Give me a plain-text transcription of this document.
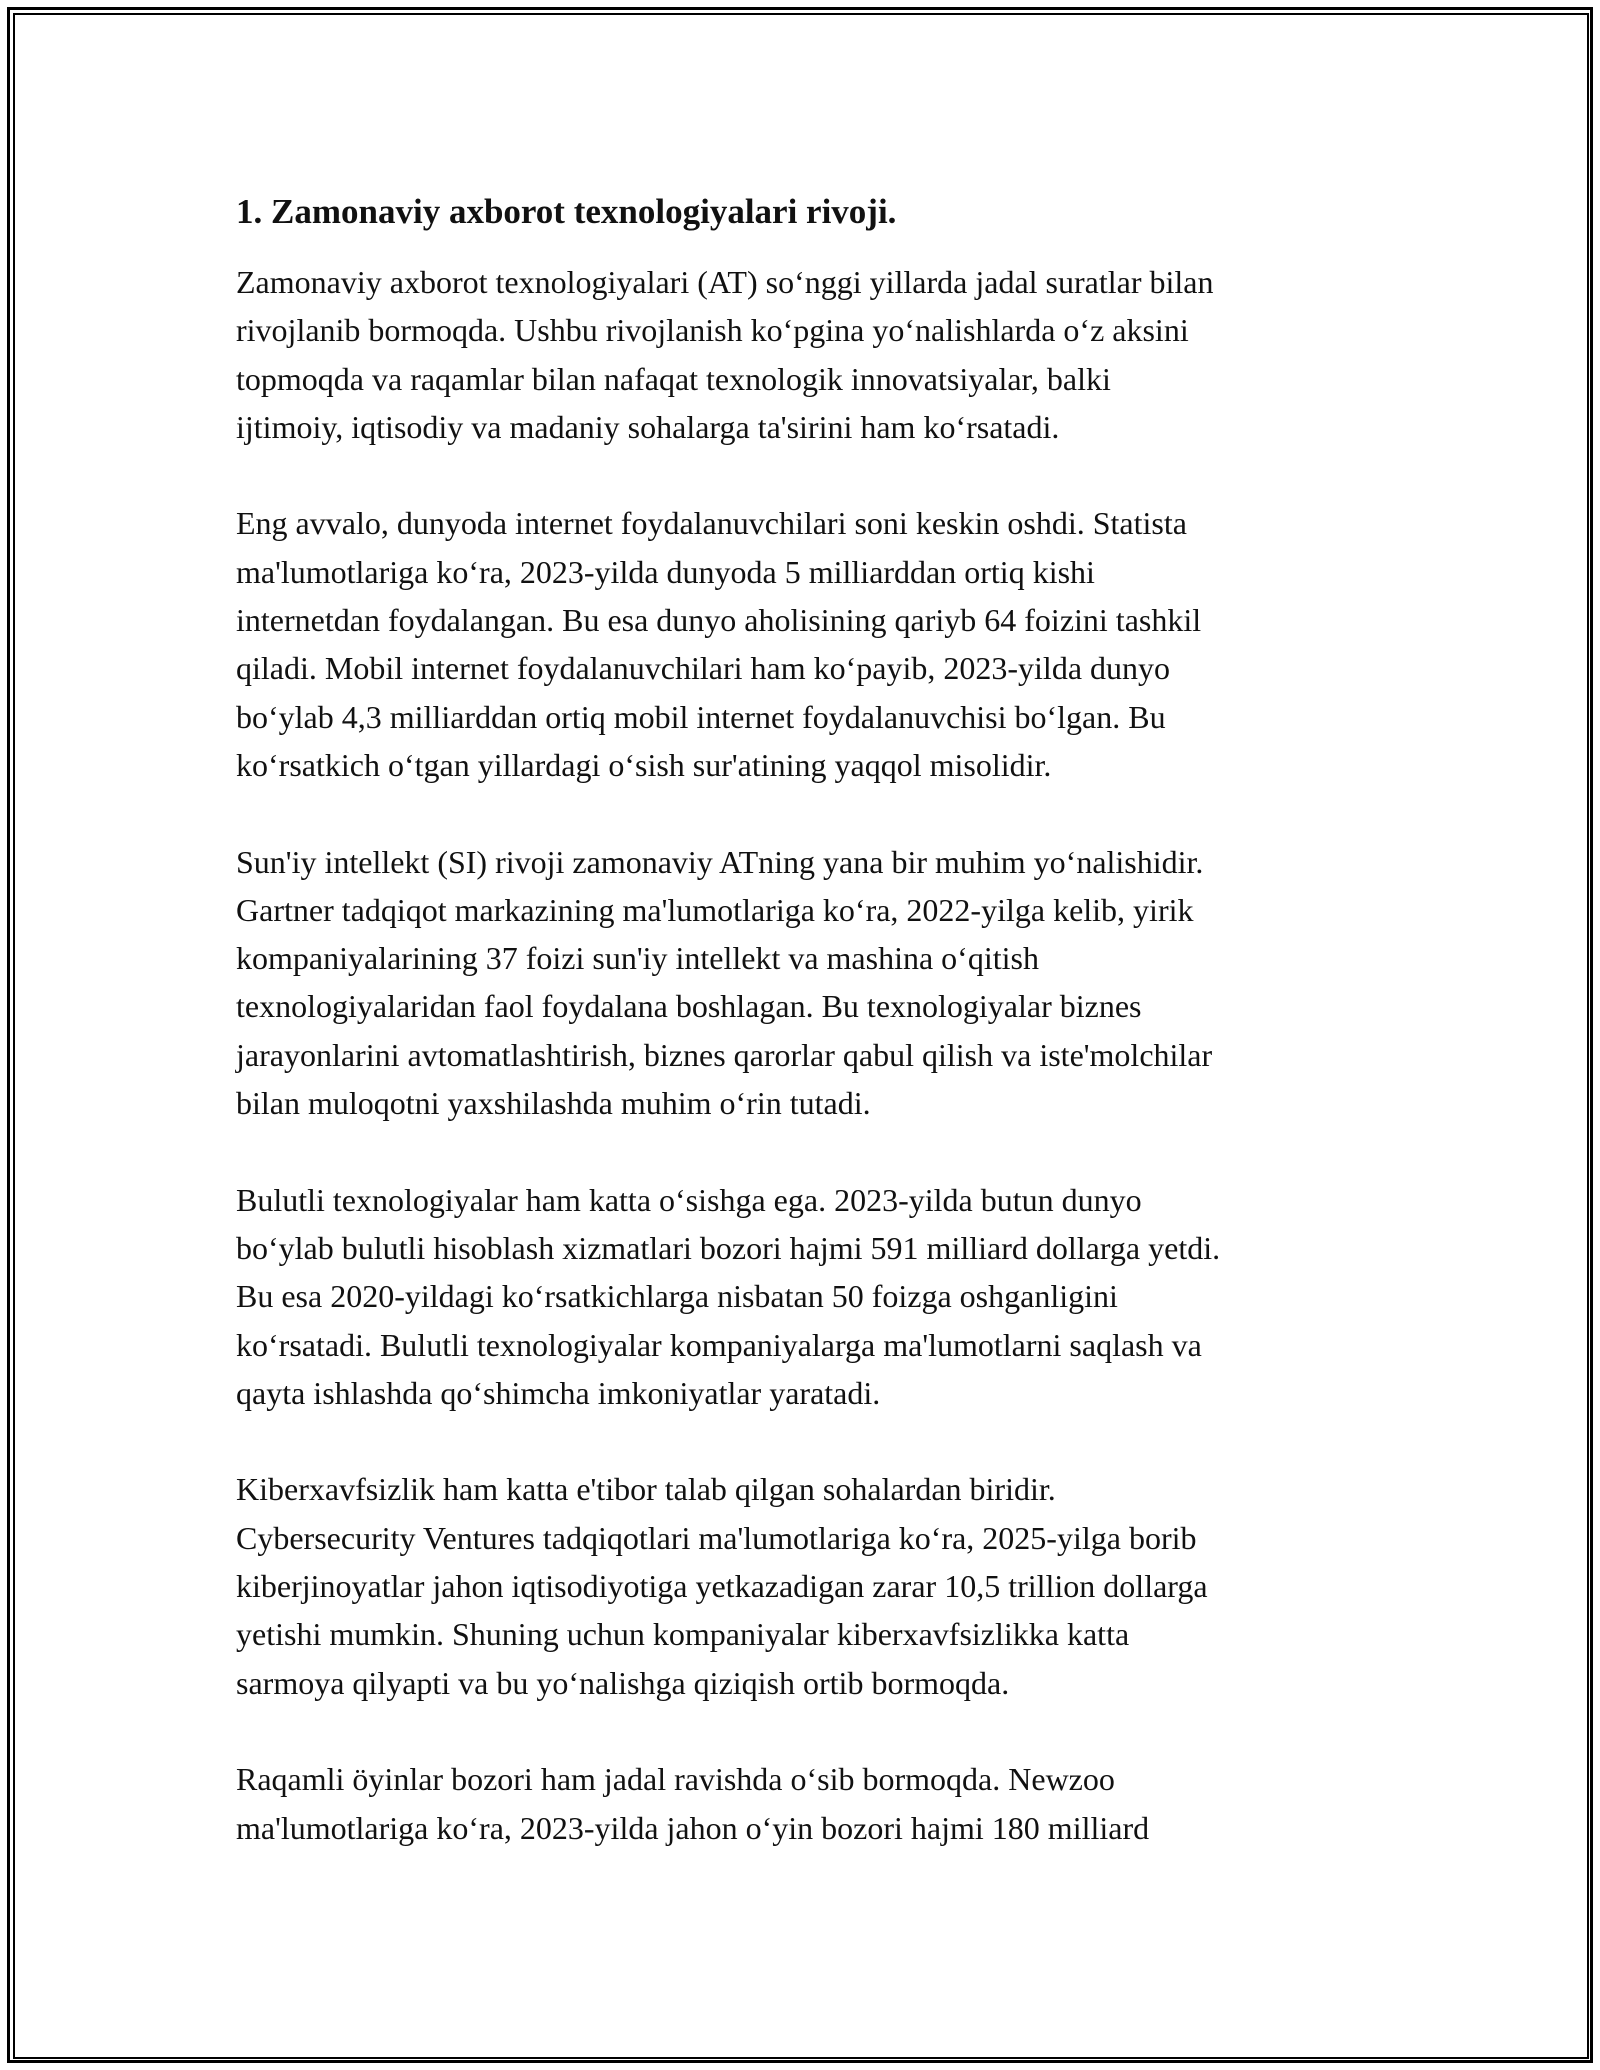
1. Zamonaviy axborot texnologiyalari rivoji.

Zamonaviy axborot texnologiyalari (AT) so‘nggi yillarda jadal suratlar bilan
rivojlanib bormoqda. Ushbu rivojlanish ko‘pgina yo‘nalishlarda o‘z aksini
topmoqda va raqamlar bilan nafaqat texnologik innovatsiyalar, balki
ijtimoiy, iqtisodiy va madaniy sohalarga ta'sirini ham ko‘rsatadi.

Eng avvalo, dunyoda internet foydalanuvchilari soni keskin oshdi. Statista
ma'lumotlariga ko‘ra, 2023-yilda dunyoda 5 milliarddan ortiq kishi
internetdan foydalangan. Bu esa dunyo aholisining qariyb 64 foizini tashkil
qiladi. Mobil internet foydalanuvchilari ham ko‘payib, 2023-yilda dunyo
bo‘ylab 4,3 milliarddan ortiq mobil internet foydalanuvchisi bo‘lgan. Bu
ko‘rsatkich o‘tgan yillardagi o‘sish sur'atining yaqqol misolidir.

Sun'iy intellekt (SI) rivoji zamonaviy ATning yana bir muhim yo‘nalishidir.
Gartner tadqiqot markazining ma'lumotlariga ko‘ra, 2022-yilga kelib, yirik
kompaniyalarining 37 foizi sun'iy intellekt va mashina o‘qitish
texnologiyalaridan faol foydalana boshlagan. Bu texnologiyalar biznes
jarayonlarini avtomatlashtirish, biznes qarorlar qabul qilish va iste'molchilar
bilan muloqotni yaxshilashda muhim o‘rin tutadi.

Bulutli texnologiyalar ham katta o‘sishga ega. 2023-yilda butun dunyo
bo‘ylab bulutli hisoblash xizmatlari bozori hajmi 591 milliard dollarga yetdi.
Bu esa 2020-yildagi ko‘rsatkichlarga nisbatan 50 foizga oshganligini
ko‘rsatadi. Bulutli texnologiyalar kompaniyalarga ma'lumotlarni saqlash va
qayta ishlashda qo‘shimcha imkoniyatlar yaratadi.

Kiberxavfsizlik ham katta e'tibor talab qilgan sohalardan biridir.
Cybersecurity Ventures tadqiqotlari ma'lumotlariga ko‘ra, 2025-yilga borib
kiberjinoyatlar jahon iqtisodiyotiga yetkazadigan zarar 10,5 trillion dollarga
yetishi mumkin. Shuning uchun kompaniyalar kiberxavfsizlikka katta
sarmoya qilyapti va bu yo‘nalishga qiziqish ortib bormoqda.

Raqamli öyinlar bozori ham jadal ravishda o‘sib bormoqda. Newzoo
ma'lumotlariga ko‘ra, 2023-yilda jahon o‘yin bozori hajmi 180 milliard
